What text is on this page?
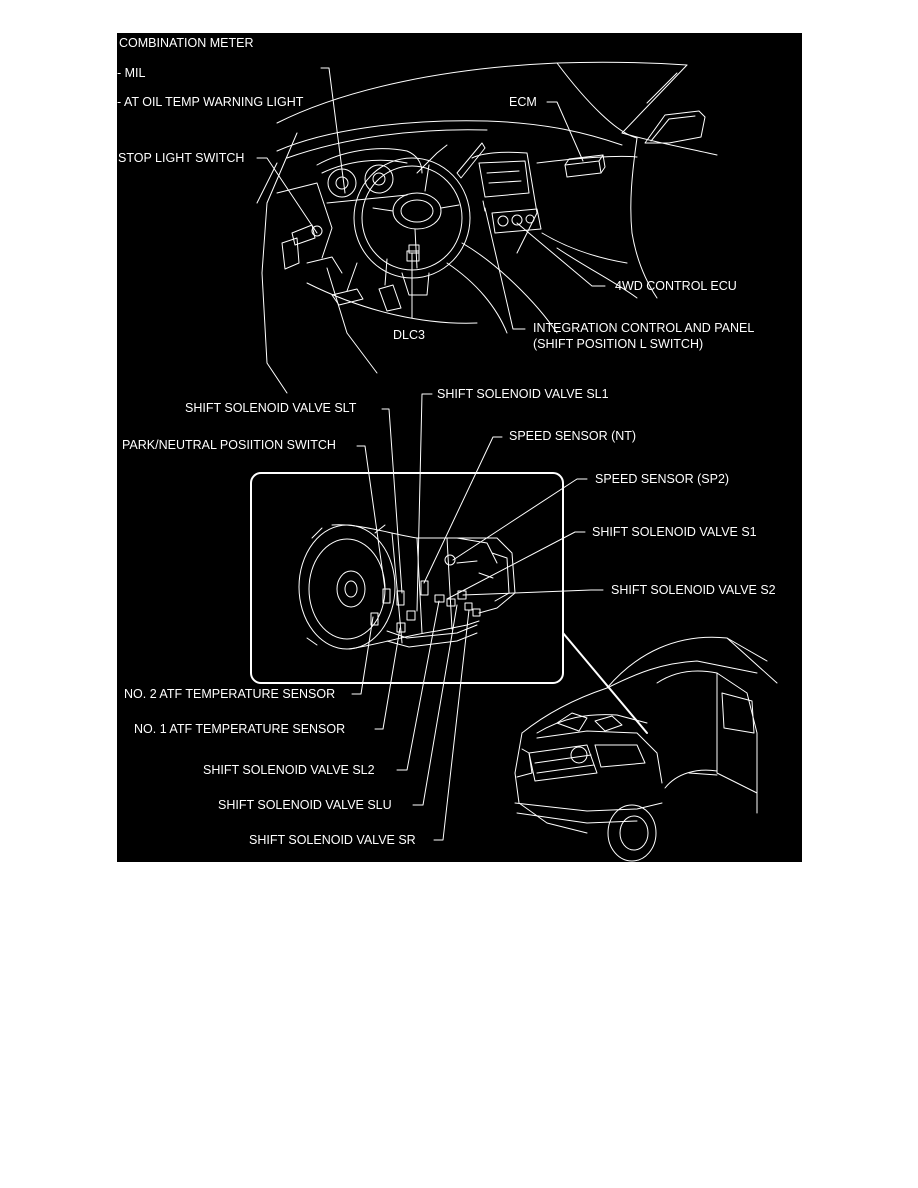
COMBINATION METER
- MIL
- AT OIL TEMP WARNING LIGHT	ECM
STOP LIGHT SWITCH
4WD CONTROL ECU
DLC3	INTEGRATION CONTROL AND PANEL
(SHIFT POSITION L SWITCH)
SHIFT SOLENOID VALVE SLT
SHIFT SOLENOID VALVE SL1
PARK/NEUTRAL POSIITION SWITCH
SPEED SENSOR (NT)
SPEED SENSOR (SP2)
SHIFT SOLENOID VALVE S1
SHIFT SOLENOID VALVE S2
NO. 2 ATF TEMPERATURE SENSOR
NO. 1 ATF TEMPERATURE SENSOR
SHIFT SOLENOID VALVE SL2
SHIFT SOLENOID VALVE SLU
SHIFT SOLENOID VALVE SR
